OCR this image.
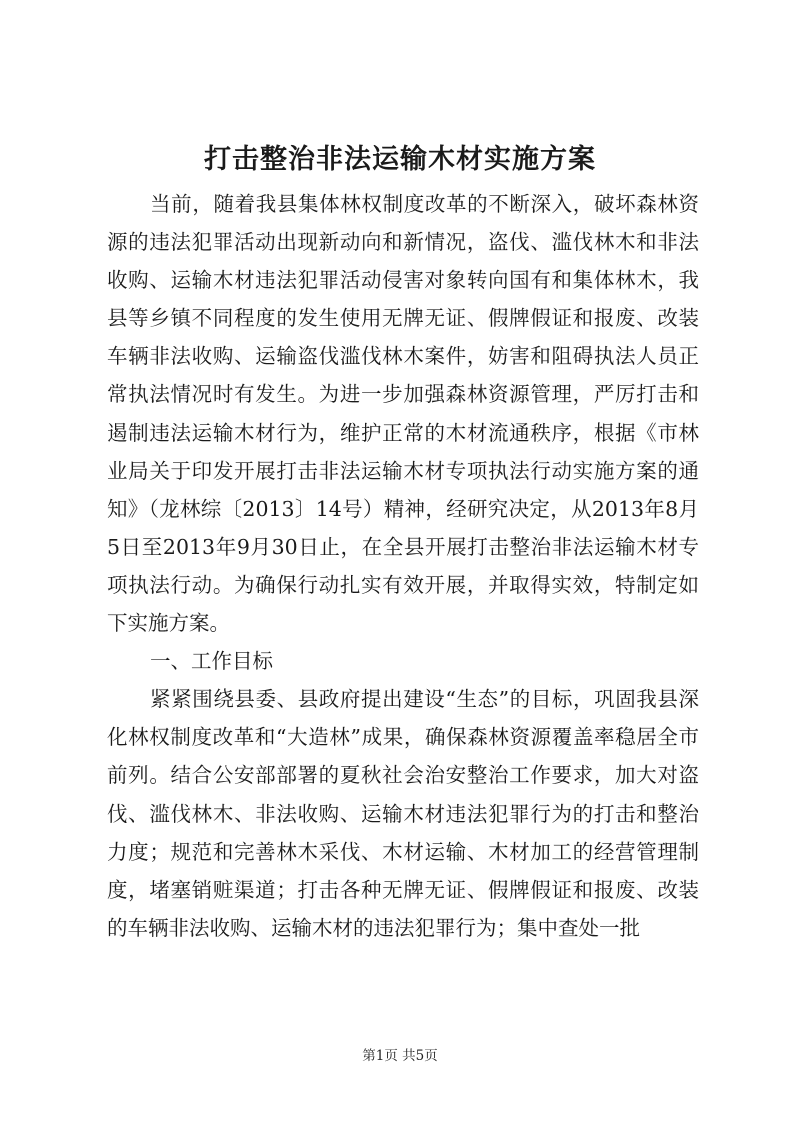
打击整治非法运输木材实施方案

当前，随着我县集体林权制度改革的不断深入，破坏森林资源的违法犯罪活动出现新动向和新情况，盗伐、滥伐林木和非法收购、运输木材违法犯罪活动侵害对象转向国有和集体林木，我县等乡镇不同程度的发生使用无牌无证、假牌假证和报废、改装车辆非法收购、运输盗伐滥伐林木案件，妨害和阻碍执法人员正常执法情况时有发生。为进一步加强森林资源管理，严厉打击和遏制违法运输木材行为，维护正常的木材流通秩序，根据《市林业局关于印发开展打击非法运输木材专项执法行动实施方案的通知》（龙林综〔2013〕14号）精神，经研究决定，从2013年8月5日至2013年9月30日止，在全县开展打击整治非法运输木材专项执法行动。为确保行动扎实有效开展，并取得实效，特制定如下实施方案。

一、工作目标

紧紧围绕县委、县政府提出建设“生态”的目标，巩固我县深化林权制度改革和“大造林”成果，确保森林资源覆盖率稳居全市前列。结合公安部部署的夏秋社会治安整治工作要求，加大对盗伐、滥伐林木、非法收购、运输木材违法犯罪行为的打击和整治力度；规范和完善林木采伐、木材运输、木材加工的经营管理制度，堵塞销赃渠道；打击各种无牌无证、假牌假证和报废、改装的车辆非法收购、运输木材的违法犯罪行为；集中查处一批

第1页 共5页
